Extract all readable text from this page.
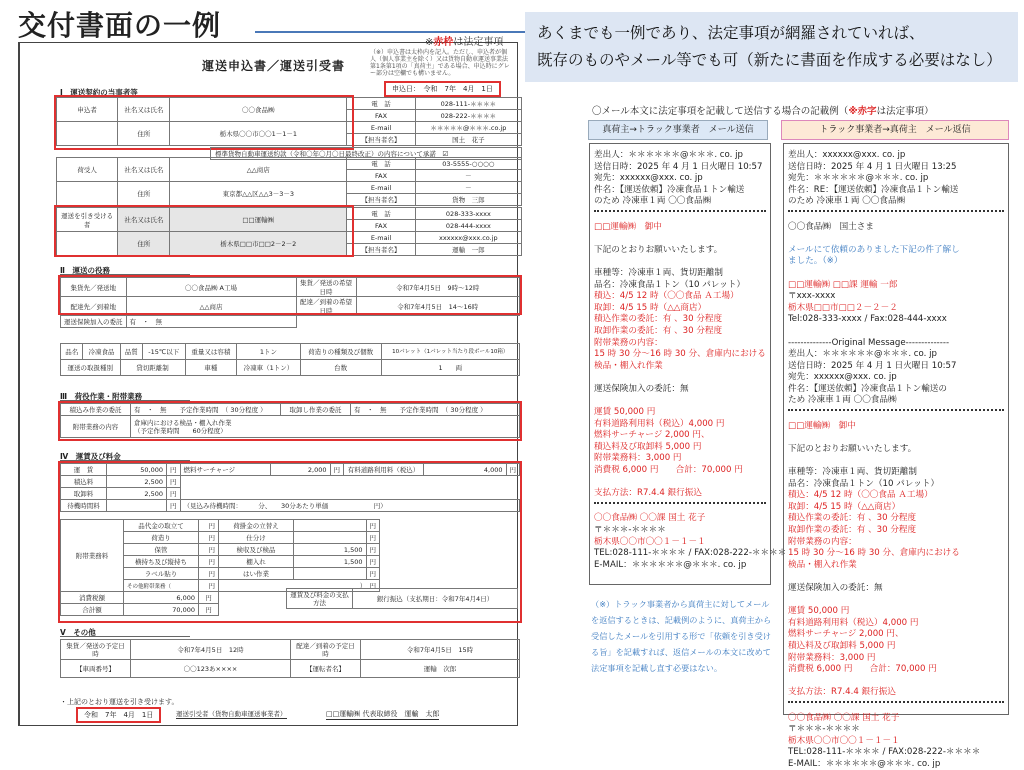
交付書面の一例	あくまでも一例であり、法定事項が網羅されていれば、
既存のものやメール等でも可（新たに書面を作成する必要はなし）
※赤枠は法定事項
（※）申込書は太枠内を記入。ただし、申込者が個人（個人事業主を除く）又は貨物自動車運送事業法第1条第1項の「真荷主」である場合、申込時にグレー部分は空欄でも構いません。
運送申込書／運送引受書
申込日：　令和　7年　4月　1日
Ⅰ　運送契約の当事者等
申込者	社名又は氏名	〇〇食品㈱	電　話	028-111-＊＊＊＊
			FAX	028-222-＊＊＊＊
	住所	栃木県〇〇市〇〇1－1－1	E-mail	＊＊＊＊＊@＊＊＊.co.jp
			【担当者名】	国土　花子
標準貨物自動車運送約款（令和〇年〇月〇日最終改正）の内容について承諾　☑
荷受人	社名又は氏名	△△商店	電　話	03-5555-○○○○
			FAX	－
	住所	東京都△△区△△3－3－3	E-mail	－
			【担当者名】	貨物　三郎
運送を引き受ける者	社名又は氏名	□□運輸㈱	電　話	028-333-xxxx
			FAX	028-444-xxxx
	住所	栃木県□□市□□2－2－2	E-mail	xxxxxx@xxx.co.jp
			【担当者名】	運輸　一郎
Ⅱ　運送の役務
集貨先／発送地	〇〇食品㈱ A工場	集貨／発送の希望日時	令和7年4月5日　9時～12時
配達先／到着地	△△商店	配達／到着の希望日時	令和7年4月5日　14～16時
運送保険加入の委託	有　・　無		
品名	冷凍食品	品質	-15℃以下	重量又は容積	1トン	荷造りの種類及び個数	10パレット（1パレット当たり段ボール10箱）
運送の取扱種別		貸切距離制		車種	冷凍車（1トン）	台数	1　　 両
Ⅲ　荷役作業・附帯業務
積込み作業の委託	有　・　無　　予定作業時間　（ 30分程度 ）	取卸し作業の委託	有　・　無　　予定作業時間　（ 30分程度 ）
附帯業務の内容	倉庫内における検品・棚入れ作業
（予定作業時間　　60分程度）		
Ⅳ　運賃及び料金
運　賃	50,000	円	燃料サーチャージ	2,000	円	有料道路利用料（税込）	4,000	円
積込料	2,500	円						
取卸料	2,500	円						
待機時間料		円	（見込み待機時間：　　　分、　　30分あたり単価　　　　　　　円）					
附帯業務料	品代金の取立て	円	荷掛金の立替え		円
	荷造り	円	仕分け		円
	保管	円	検収及び検品	1,500	円
	横持ち及び縦持ち	円	棚入れ	1,500	円
	ラベル貼り	円	はい作業		円
	その他附帯業務（	円	）　円		
消費税額	6,000	円			
合計額	70,000	円			
運賃及び料金の支払方法	銀行振込（支払期日：令和7年4月4日）
Ⅴ　その他
集貨／発送の予定日時	令和7年4月5日　12時	配達／到着の予定日時	令和7年4月5日　15時
【車両番号】	〇〇123あ××××	【運転者名】	運輸　次郎
・上記のとおり運送を引き受けます。
令和　7年　4月　1日	運送引受者（貨物自動車運送事業者）	□□運輸㈱ 代表取締役　運輸　太郎
〇メール本文に法定事項を記載して送信する場合の記載例（※赤字は法定事項）
真荷主→トラック事業者　メール送信	トラック事業者→真荷主　メール返信
差出人：＊＊＊＊＊＊@＊＊＊. co. jp
送信日時：2025 年 4 月 1 日火曜日 10:57
宛先：xxxxxx@xxx. co. jp
件名：【運送依頼】冷凍食品１トン輸送
のため 冷凍車１両 〇〇食品㈱
□□運輸㈱　御中
下記のとおりお願いいたします。
車種等：冷凍車１両、貨切距離制
品名：冷凍食品１トン（10 パレット）
積込：4/5 12 時（〇〇食品 Ａ工場）
取卸：4/5 15 時（△△商店）
積込作業の委託：有 、30 分程度
取卸作業の委託：有 、30 分程度
附帯業務の内容：
15 時 30 分～16 時 30 分、倉庫内における
検品・棚入れ作業
運送保険加入の委託：無
運賃 50,000 円
有料道路利用料（税込）4,000 円
燃料サーチャージ 2,000 円、
積込料及び取卸料 5,000 円
附帯業務料：3,000 円
消費税 6,000 円　　合計：70,000 円
支払方法：R7.4.4 銀行振込
〇〇食品㈱ 〇〇課 国土 花子
〒＊＊＊-＊＊＊＊
栃木県〇〇市〇〇１－１－１
TEL:028-111-＊＊＊＊ / FAX:028-222-＊＊＊＊
E-MAIL：＊＊＊＊＊＊@＊＊＊. co. jp
差出人：xxxxxx@xxx. co. jp
送信日時：2025 年 4 月 1 日火曜日 13:25
宛先：＊＊＊＊＊＊@＊＊＊. co. jp
件名：RE：【運送依頼】冷凍食品１トン輸送
のため 冷凍車１両 〇〇食品㈱
〇〇食品㈱　国土さま
メールにて依頼のありました下記の件了解し
ました。（※）
□□運輸㈱ □□課 運輸 一郎
〒xxx-xxxx
栃木県□□市□□２－２－２
Tel:028-333-xxxx / Fax:028-444-xxxx
--------------Original Message--------------
差出人：＊＊＊＊＊＊@＊＊＊. co. jp
送信日時：2025 年 4 月 1 日火曜日 10:57
宛先：xxxxxx@xxx. co. jp
件名：【運送依頼】冷凍食品１トン輸送の
ため 冷凍車１両 〇〇食品㈱
□□運輸㈱　御中
下記のとおりお願いいたします。
車種等：冷凍車１両、貨切距離制
品名：冷凍食品１トン（10 パレット）
積込：4/5 12 時（〇〇食品 Ａ工場）
取卸：4/5 15 時（△△商店）
積込作業の委託：有 、30 分程度
取卸作業の委託：有 、30 分程度
附帯業務の内容：
15 時 30 分～16 時 30 分、倉庫内における
検品・棚入れ作業
運送保険加入の委託：無
運賃 50,000 円
有料道路利用料（税込）4,000 円
燃料サーチャージ 2,000 円、
積込料及び取卸料 5,000 円
附帯業務料：3,000 円
消費税 6,000 円　　合計：70,000 円
支払方法：R7.4.4 銀行振込
〇〇食品㈱ 〇〇課 国土 花子
〒＊＊＊-＊＊＊＊
栃木県〇〇市〇〇１－１－１
TEL:028-111-＊＊＊＊ / FAX:028-222-＊＊＊＊
E-MAIL：＊＊＊＊＊＊@＊＊＊. co. jp
（※）トラック事業者から真荷主に対してメールを返信するときは、記載例のように、真荷主から受信したメールを引用する形で「依頼を引き受ける旨」を記載すれば、返信メールの本文に改めて法定事項を記載し直す必要はない。
